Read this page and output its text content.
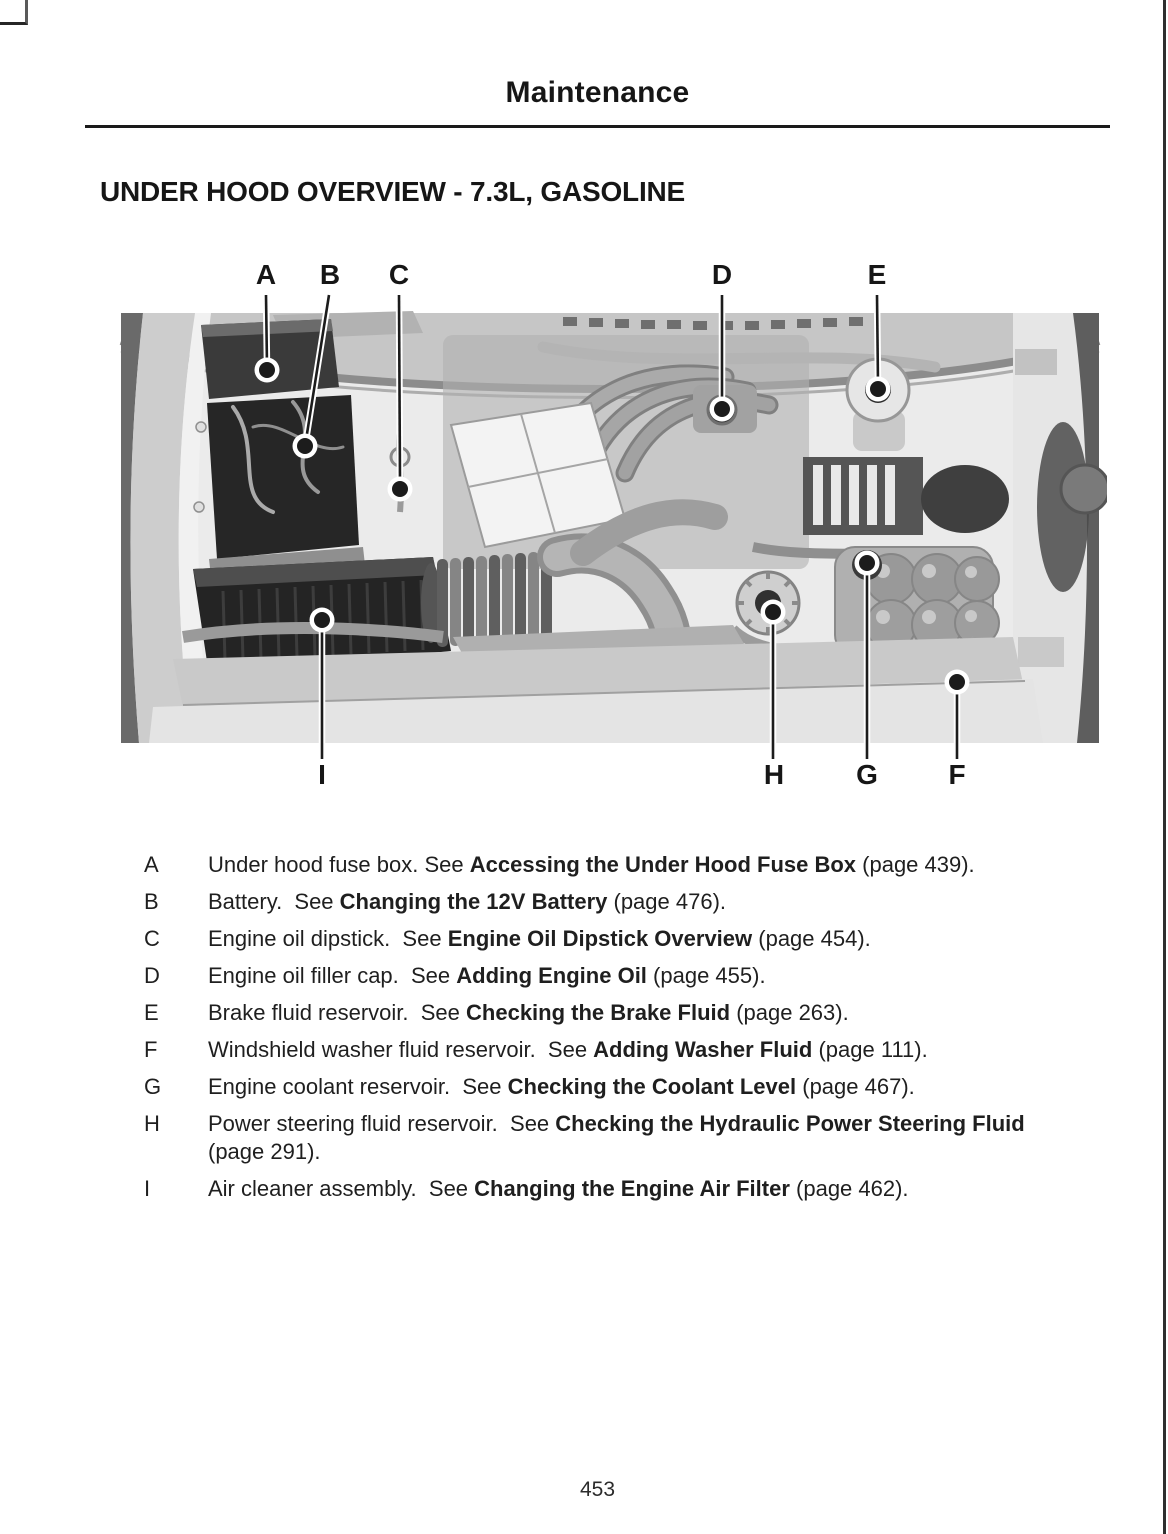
Maintenance
UNDER HOOD OVERVIEW - 7.3L, GASOLINE
A B C	D	E
I	H	G	F
A	Under hood fuse box. See Accessing the Under Hood Fuse Box (page 439).
B	Battery.  See Changing the 12V Battery (page 476).
C	Engine oil dipstick.  See Engine Oil Dipstick Overview (page 454).
D	Engine oil filler cap.  See Adding Engine Oil (page 455).
E	Brake fluid reservoir.  See Checking the Brake Fluid (page 263).
F	Windshield washer fluid reservoir.  See Adding Washer Fluid (page 111).
G	Engine coolant reservoir.  See Checking the Coolant Level (page 467).
H	Power steering fluid reservoir.  See Checking the Hydraulic Power Steering Fluid (page 291).
I	Air cleaner assembly.  See Changing the Engine Air Filter (page 462).
453
